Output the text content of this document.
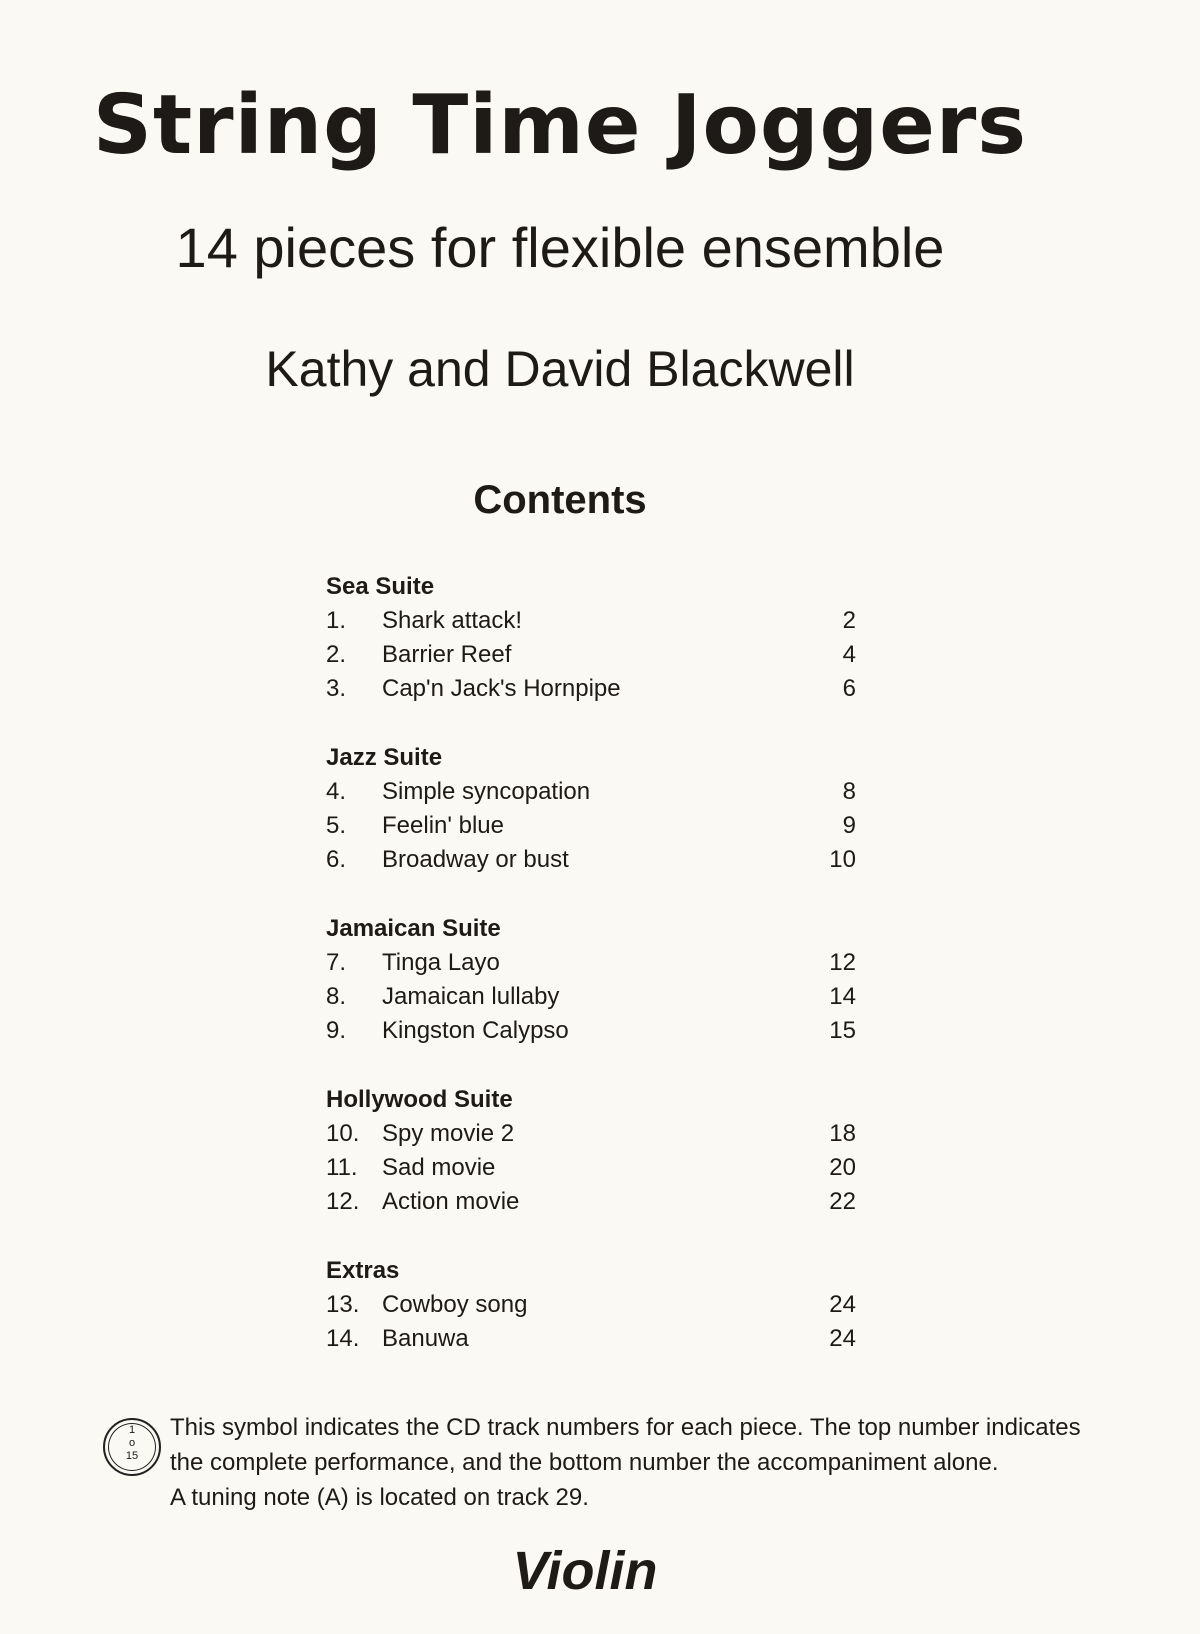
String Time Joggers
14 pieces for flexible ensemble
Kathy and David Blackwell
Contents
Sea Suite
1.	Shark attack!	2
2.	Barrier Reef	4
3.	Cap'n Jack's Hornpipe	6
Jazz Suite
4.	Simple syncopation	8
5.	Feelin' blue	9
6.	Broadway or bust	10
Jamaican Suite
7.	Tinga Layo	12
8.	Jamaican lullaby	14
9.	Kingston Calypso	15
Hollywood Suite
10. Spy movie 2	18
11.	Sad movie	20
12. Action movie	22
Extras
13. Cowboy song	24
14. Banuwa	24
1
o
15
This symbol indicates the CD track numbers for each piece. The top number indicates
the complete performance, and the bottom number the accompaniment alone.
A tuning note (A) is located on track 29.
Violin
